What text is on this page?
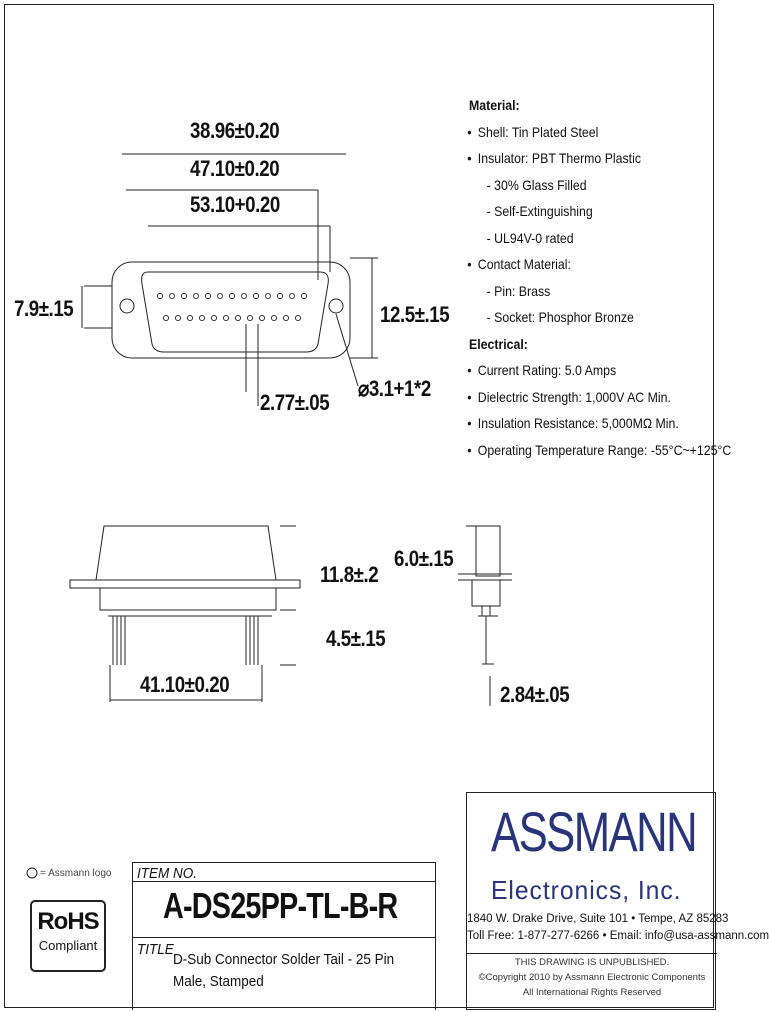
38.96±0.20
47.10±0.20
53.10+0.20
7.9±.15	12.5±.15
2.77±.05
⌀3.1+1*2
11.8±.2
4.5±.15
41.10±0.20
6.0±.15
2.84±.05
Material:
• Shell: Tin Plated Steel
• Insulator: PBT Thermo Plastic
- 30% Glass Filled
- Self-Extinguishing
- UL94V-0 rated
• Contact Material:
- Pin: Brass
- Socket: Phosphor Bronze
Electrical:
• Current Rating: 5.0 Amps
• Dielectric Strength: 1,000V AC Min.
• Insulation Resistance: 5,000MΩ Min.
• Operating Temperature Range: -55°C~+125°C
= Assmann logo
RoHS
Compliant
ITEM NO.
A-DS25PP-TL-B-R
TITLE
D-Sub Connector Solder Tail - 25 Pin Male, Stamped
ASSMANN
Electronics, Inc.
1840 W. Drake Drive, Suite 101 • Tempe, AZ 85283
Toll Free: 1-877-277-6266 • Email: info@usa-assmann.com
THIS DRAWING IS UNPUBLISHED.
©Copyright 2010 by Assmann Electronic Components
All International Rights Reserved
